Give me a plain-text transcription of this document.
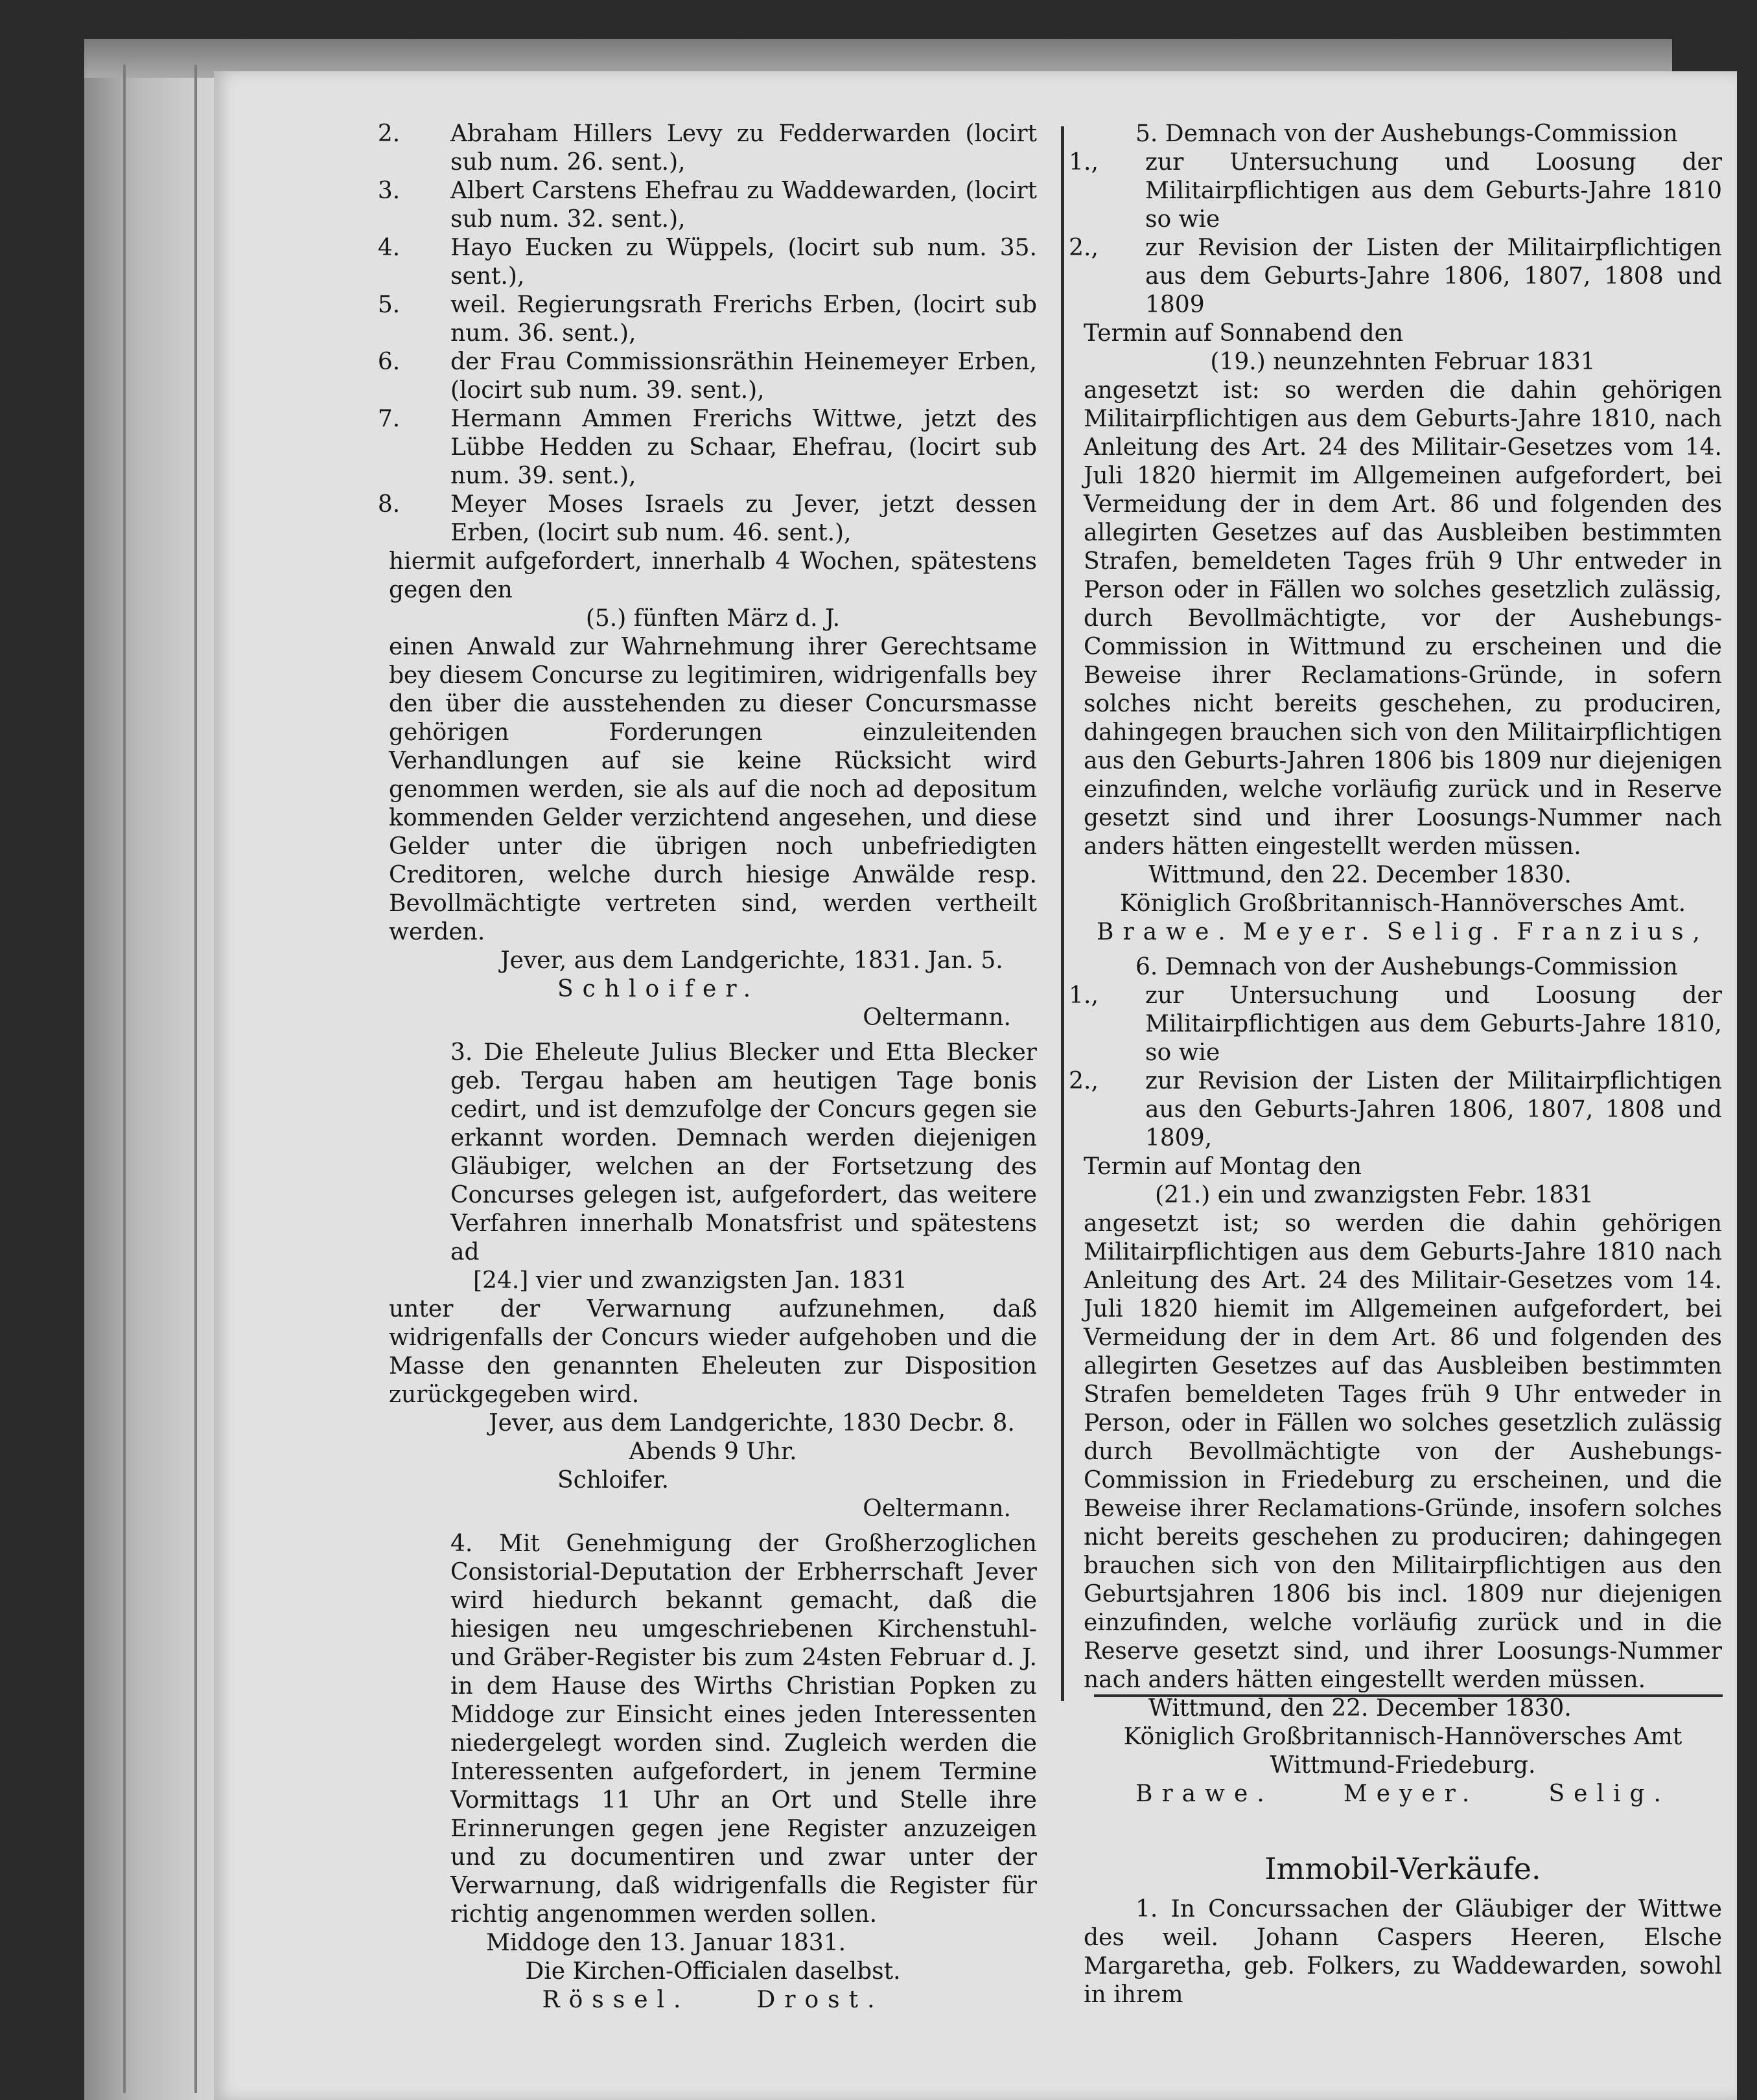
2. Abraham Hillers Levy zu Fedderwarden (locirt sub num. 26. sent.),

3. Albert Carstens Ehefrau zu Waddewarden, (locirt sub num. 32. sent.),

4. Hayo Eucken zu Wüppels, (locirt sub num. 35. sent.),

5. weil. Regierungsrath Frerichs Erben, (locirt sub num. 36. sent.),

6. der Frau Commissionsräthin Heinemeyer Erben, (locirt sub num. 39. sent.),

7. Hermann Ammen Frerichs Wittwe, jetzt des Lübbe Hedden zu Schaar, Ehefrau, (locirt sub num. 39. sent.),

8. Meyer Moses Israels zu Jever, jetzt dessen Erben, (locirt sub num. 46. sent.),

hiermit aufgefordert, innerhalb 4 Wochen, spätestens gegen den

(5.) fünften März d. J.

einen Anwald zur Wahrnehmung ihrer Gerechtsame bey diesem Concurse zu legitimiren, widrigenfalls bey den über die ausstehenden zu dieser Concursmasse gehörigen Forderungen einzuleitenden Verhandlungen auf sie keine Rücksicht wird genommen werden, sie als auf die noch ad depositum kommenden Gelder verzichtend angesehen, und diese Gelder unter die übrigen noch unbefriedigten Creditoren, welche durch hiesige Anwälde resp. Bevollmächtigte vertreten sind, werden vertheilt werden.

Jever, aus dem Landgerichte, 1831. Jan. 5.

Schloifer.

Oeltermann.

3. Die Eheleute Julius Blecker und Etta Blecker geb. Tergau haben am heutigen Tage bonis cedirt, und ist demzufolge der Concurs gegen sie erkannt worden. Demnach werden diejenigen Gläubiger, welchen an der Fortsetzung des Concurses gelegen ist, aufgefordert, das weitere Verfahren innerhalb Monatsfrist und spätestens ad

[24.] vier und zwanzigsten Jan. 1831

unter der Verwarnung aufzunehmen, daß widrigenfalls der Concurs wieder aufgehoben und die Masse den genannten Eheleuten zur Disposition zurückgegeben wird.

Jever, aus dem Landgerichte, 1830 Decbr. 8.

Abends 9 Uhr.

Schloifer.

Oeltermann.

4. Mit Genehmigung der Großherzoglichen Consistorial-Deputation der Erbherrschaft Jever wird hiedurch bekannt gemacht, daß die hiesigen neu umgeschriebenen Kirchenstuhl- und Gräber-Register bis zum 24sten Februar d. J. in dem Hause des Wirths Christian Popken zu Middoge zur Einsicht eines jeden Interessenten niedergelegt worden sind. Zugleich werden die Interessenten aufgefordert, in jenem Termine Vormittags 11 Uhr an Ort und Stelle ihre Erinnerungen gegen jene Register anzuzeigen und zu documentiren und zwar unter der Verwarnung, daß widrigenfalls die Register für richtig angenommen werden sollen.

Middoge den 13. Januar 1831.

Die Kirchen-Officialen daselbst.

Rössel.	Drost.

5. Demnach von der Aushebungs-Commission

1., zur Untersuchung und Loosung der Militairpflichtigen aus dem Geburts-Jahre 1810 so wie

2., zur Revision der Listen der Militairpflichtigen aus dem Geburts-Jahre 1806, 1807, 1808 und 1809

Termin auf Sonnabend den

(19.) neunzehnten Februar 1831

angesetzt ist: so werden die dahin gehörigen Militairpflichtigen aus dem Geburts-Jahre 1810, nach Anleitung des Art. 24 des Militair-Gesetzes vom 14. Juli 1820 hiermit im Allgemeinen aufgefordert, bei Vermeidung der in dem Art. 86 und folgenden des allegirten Gesetzes auf das Ausbleiben bestimmten Strafen, bemeldeten Tages früh 9 Uhr entweder in Person oder in Fällen wo solches gesetzlich zulässig, durch Bevollmächtigte, vor der Aushebungs-Commission in Wittmund zu erscheinen und die Beweise ihrer Reclamations-Gründe, in sofern solches nicht bereits geschehen, zu produciren, dahingegen brauchen sich von den Militairpflichtigen aus den Geburts-Jahren 1806 bis 1809 nur diejenigen einzufinden, welche vorläufig zurück und in Reserve gesetzt sind und ihrer Loosungs-Nummer nach anders hätten eingestellt werden müssen.

Wittmund, den 22. December 1830.

Königlich Großbritannisch-Hannöversches Amt.

Brawe. Meyer. Selig. Franzius,

6. Demnach von der Aushebungs-Commission

1., zur Untersuchung und Loosung der Militairpflichtigen aus dem Geburts-Jahre 1810, so wie

2., zur Revision der Listen der Militairpflichtigen aus den Geburts-Jahren 1806, 1807, 1808 und 1809,

Termin auf Montag den

(21.) ein und zwanzigsten Febr. 1831

angesetzt ist; so werden die dahin gehörigen Militairpflichtigen aus dem Geburts-Jahre 1810 nach Anleitung des Art. 24 des Militair-Gesetzes vom 14. Juli 1820 hiemit im Allgemeinen aufgefordert, bei Vermeidung der in dem Art. 86 und folgenden des allegirten Gesetzes auf das Ausbleiben bestimmten Strafen bemeldeten Tages früh 9 Uhr entweder in Person, oder in Fällen wo solches gesetzlich zulässig durch Bevollmächtigte von der Aushebungs-Commission in Friedeburg zu erscheinen, und die Beweise ihrer Reclamations-Gründe, insofern solches nicht bereits geschehen zu produciren; dahingegen brauchen sich von den Militairpflichtigen aus den Geburtsjahren 1806 bis incl. 1809 nur diejenigen einzufinden, welche vorläufig zurück und in die Reserve gesetzt sind, und ihrer Loosungs-Nummer nach anders hätten eingestellt werden müssen.

Wittmund, den 22. December 1830.

Königlich Großbritannisch-Hannöversches Amt

Wittmund-Friedeburg.

Brawe.	Meyer.	Selig.

Immobil-Verkäufe.

1. In Concurssachen der Gläubiger der Wittwe des weil. Johann Caspers Heeren, Elsche Margaretha, geb. Folkers, zu Waddewarden, sowohl in ihrem
